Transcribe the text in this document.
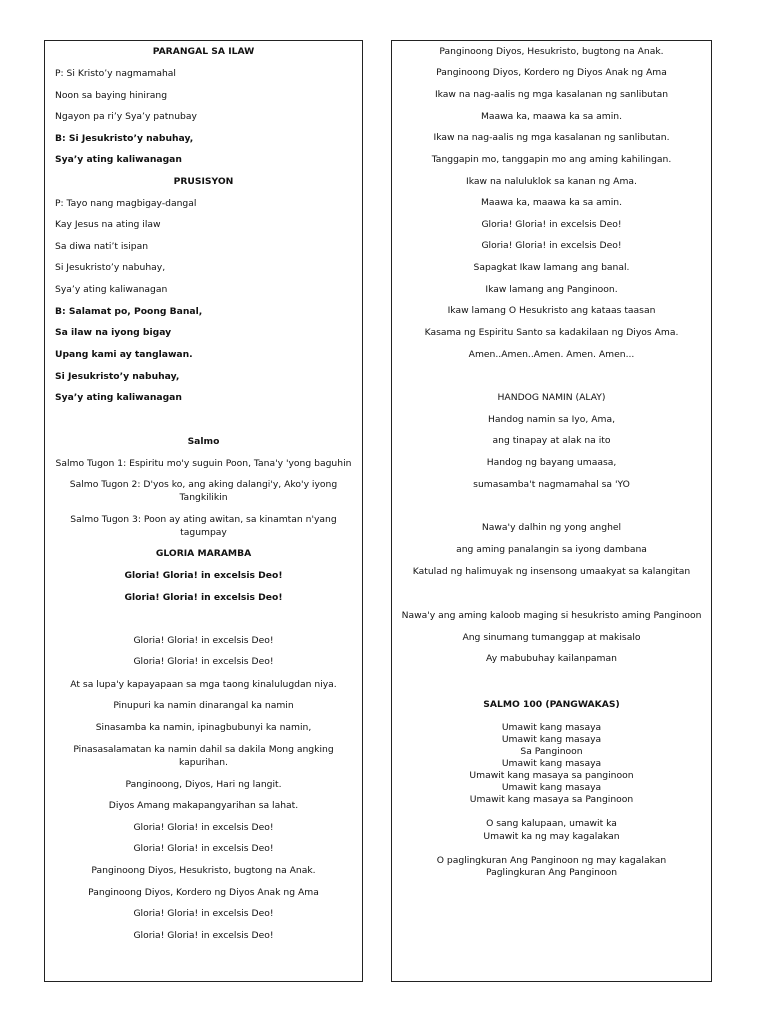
PARANGAL SA ILAW
P: Si Kristo’y nagmamahal
Noon sa baying hinirang
Ngayon pa ri’y Sya’y patnubay
B: Si Jesukristo’y nabuhay,
Sya’y ating kaliwanagan
PRUSISYON
P: Tayo nang magbigay-dangal
Kay Jesus na ating ilaw
Sa diwa nati’t isipan
Si Jesukristo’y nabuhay,
Sya’y ating kaliwanagan
B: Salamat po, Poong Banal,
Sa ilaw na iyong bigay
Upang kami ay tanglawan.
Si Jesukristo’y nabuhay,
Sya’y ating kaliwanagan
Salmo
Salmo Tugon 1: Espiritu mo'y suguin Poon, Tana'y 'yong baguhin
Salmo Tugon 2: D'yos ko, ang aking dalangi'y, Ako'y iyong Tangkilikin
Salmo Tugon 3: Poon ay ating awitan, sa kinamtan n'yang tagumpay
GLORIA MARAMBA
Gloria! Gloria! in excelsis Deo!
Gloria! Gloria! in excelsis Deo!
Gloria! Gloria! in excelsis Deo!
Gloria! Gloria! in excelsis Deo!
At sa lupa'y kapayapaan sa mga taong kinalulugdan niya.
Pinupuri ka namin dinarangal ka namin
Sinasamba ka namin, ipinagbubunyi ka namin,
Pinasasalamatan ka namin dahil sa dakila Mong angking kapurihan.
Panginoong, Diyos, Hari ng langit.
Diyos Amang makapangyarihan sa lahat.
Gloria! Gloria! in excelsis Deo!
Gloria! Gloria! in excelsis Deo!
Panginoong Diyos, Hesukristo, bugtong na Anak.
Panginoong Diyos, Kordero ng Diyos Anak ng Ama
Gloria! Gloria! in excelsis Deo!
Gloria! Gloria! in excelsis Deo!
Panginoong Diyos, Hesukristo, bugtong na Anak.
Panginoong Diyos, Kordero ng Diyos Anak ng Ama
Ikaw na nag-aalis ng mga kasalanan ng sanlibutan
Maawa ka, maawa ka sa amin.
Ikaw na nag-aalis ng mga kasalanan ng sanlibutan.
Tanggapin mo, tanggapin mo ang aming kahilingan.
Ikaw na naluluklok sa kanan ng Ama.
Maawa ka, maawa ka sa amin.
Gloria! Gloria! in excelsis Deo!
Gloria! Gloria! in excelsis Deo!
Sapagkat Ikaw lamang ang banal.
Ikaw lamang ang Panginoon.
Ikaw lamang O Hesukristo ang kataas taasan
Kasama ng Espiritu Santo sa kadakilaan ng Diyos Ama.
Amen..Amen..Amen. Amen. Amen...
HANDOG NAMIN (ALAY)
Handog namin sa Iyo, Ama,
ang tinapay at alak na ito
Handog ng bayang umaasa,
sumasamba't nagmamahal sa 'YO
Nawa'y dalhin ng yong anghel
ang aming panalangin sa iyong dambana
Katulad ng halimuyak ng insensong umaakyat sa kalangitan
Nawa'y ang aming kaloob maging si hesukristo aming Panginoon
Ang sinumang tumanggap at makisalo
Ay mabubuhay kailanpaman
SALMO 100 (PANGWAKAS)
Umawit kang masaya
Umawit kang masaya
Sa Panginoon
Umawit kang masaya
Umawit kang masaya sa panginoon
Umawit kang masaya
Umawit kang masaya sa Panginoon
O sang kalupaan, umawit ka
Umawit ka ng may kagalakan
O paglingkuran Ang Panginoon ng may kagalakan
Paglingkuran Ang Panginoon
